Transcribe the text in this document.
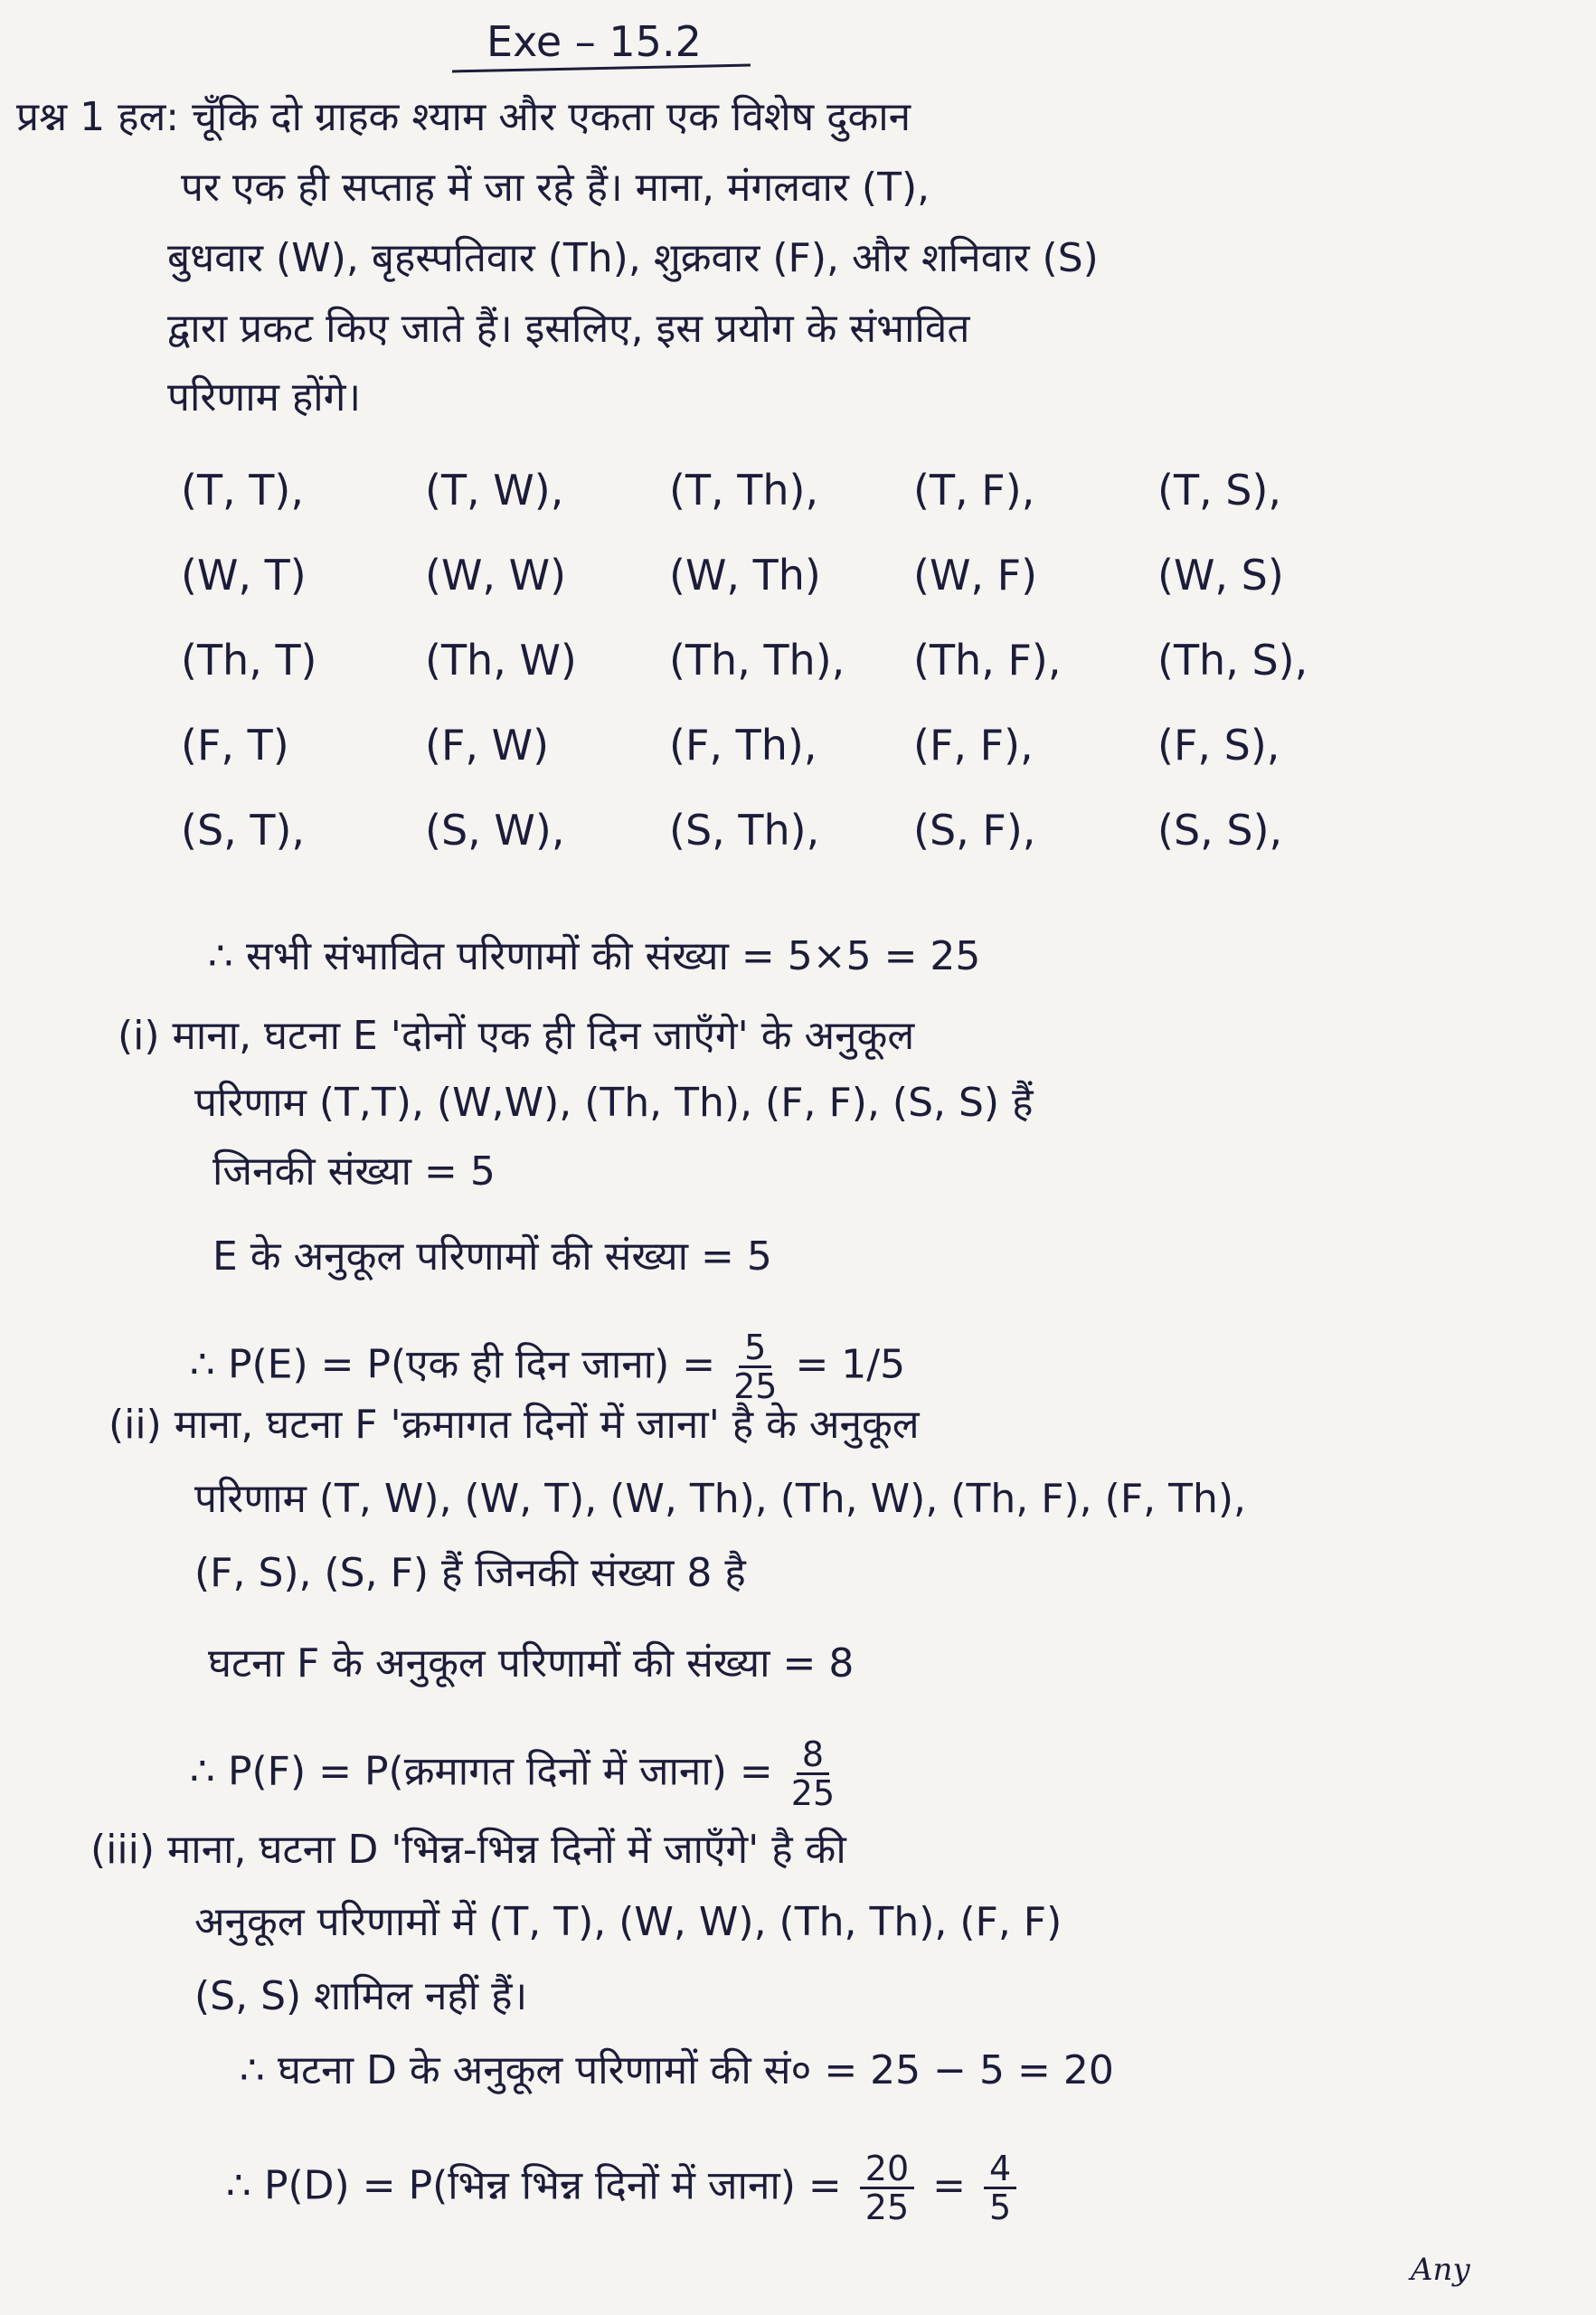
Exe – 15.2
प्रश्न 1 हल: चूँकि दो ग्राहक श्याम और एकता एक विशेष दुकान
पर एक ही सप्ताह में जा रहे हैं। माना, मंगलवार (T),
बुधवार (W), बृहस्पतिवार (Th), शुक्रवार (F), और शनिवार (S)
द्वारा प्रकट किए जाते हैं। इसलिए, इस प्रयोग के संभावित
परिणाम होंगे।
(T, T),	(T, W),	(T, Th),	(T, F),	(T, S),
(W, T)	(W, W)	(W, Th)	(W, F)	(W, S)
(Th, T)	(Th, W)	(Th, Th),	(Th, F),	(Th, S),
(F, T)	(F, W)	(F, Th),	(F, F),	(F, S),
(S, T),	(S, W),	(S, Th),	(S, F),	(S, S),
∴ सभी संभावित परिणामों की संख्या = 5×5 = 25
(i) माना, घटना E 'दोनों एक ही दिन जाएँगे' के अनुकूल
परिणाम (T,T), (W,W), (Th, Th), (F, F), (S, S) हैं
जिनकी संख्या = 5
E के अनुकूल परिणामों की संख्या = 5
∴ P(E) = P(एक ही दिन जाना) = $\frac{5}{25} = 1/5$
(ii) माना, घटना F 'क्रमागत दिनों में जाना' है के अनुकूल
परिणाम (T, W), (W, T), (W, Th), (Th, W), (Th, F), (F, Th),
(F, S), (S, F) हैं जिनकी संख्या 8 है
घटना F के अनुकूल परिणामों की संख्या = 8
∴ P(F) = P(क्रमागत दिनों में जाना) = $\frac{8}{25}$
(iii) माना, घटना D 'भिन्न-भिन्न दिनों में जाएँगे' है की
अनुकूल परिणामों में (T, T), (W, W), (Th, Th), (F, F)
(S, S) शामिल नहीं हैं।
∴ घटना D के अनुकूल परिणामों की सं० = 25 − 5 = 20
∴ P(D) = P(भिन्न भिन्न दिनों में जाना) = $\frac{20}{25} = \frac{4}{5}$
Any
